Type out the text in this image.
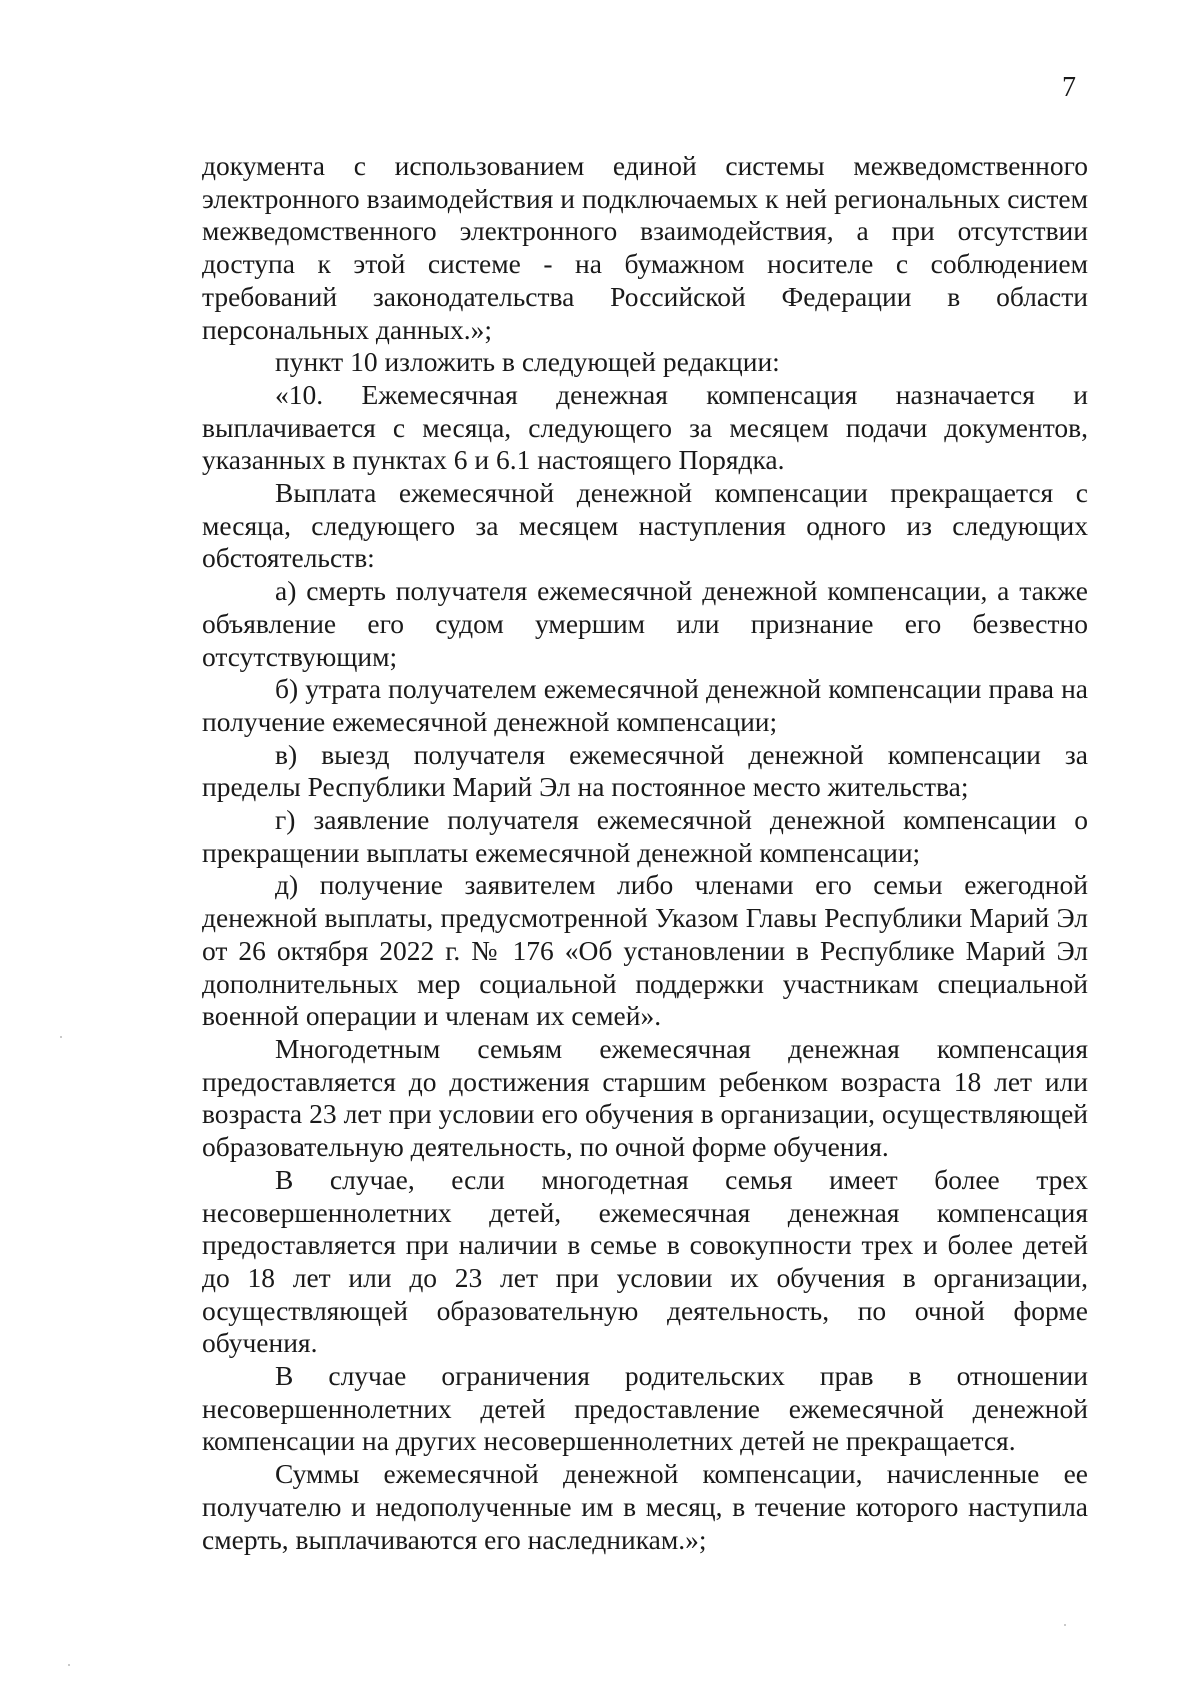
7

документа с использованием единой системы межведомственного электронного взаимодействия и подключаемых к ней региональных систем межведомственного электронного взаимодействия, а при отсутствии доступа к этой системе - на бумажном носителе с соблюдением требований законодательства Российской Федерации в области персональных данных.»;

пункт 10 изложить в следующей редакции:

«10. Ежемесячная денежная компенсация назначается и выплачивается с месяца, следующего за месяцем подачи документов, указанных в пунктах 6 и 6.1 настоящего Порядка.

Выплата ежемесячной денежной компенсации прекращается с месяца, следующего за месяцем наступления одного из следующих обстоятельств:

а) смерть получателя ежемесячной денежной компенсации, а также объявление его судом умершим или признание его безвестно отсутствующим;

б) утрата получателем ежемесячной денежной компенсации права на получение ежемесячной денежной компенсации;

в) выезд получателя ежемесячной денежной компенсации за пределы Республики Марий Эл на постоянное место жительства;

г) заявление получателя ежемесячной денежной компенсации о прекращении выплаты ежемесячной денежной компенсации;

д) получение заявителем либо членами его семьи ежегодной денежной выплаты, предусмотренной Указом Главы Республики Марий Эл от 26 октября 2022 г. № 176 «Об установлении в Республике Марий Эл дополнительных мер социальной поддержки участникам специальной военной операции и членам их семей».

Многодетным семьям ежемесячная денежная компенсация предоставляется до достижения старшим ребенком возраста 18 лет или возраста 23 лет при условии его обучения в организации, осуществляющей образовательную деятельность, по очной форме обучения.

В случае, если многодетная семья имеет более трех несовершеннолетних детей, ежемесячная денежная компенсация предоставляется при наличии в семье в совокупности трех и более детей до 18 лет или до 23 лет при условии их обучения в организации, осуществляющей образовательную деятельность, по очной форме обучения.

В случае ограничения родительских прав в отношении несовершеннолетних детей предоставление ежемесячной денежной компенсации на других несовершеннолетних детей не прекращается.

Суммы ежемесячной денежной компенсации, начисленные ее получателю и недополученные им в месяц, в течение которого наступила смерть, выплачиваются его наследникам.»;
